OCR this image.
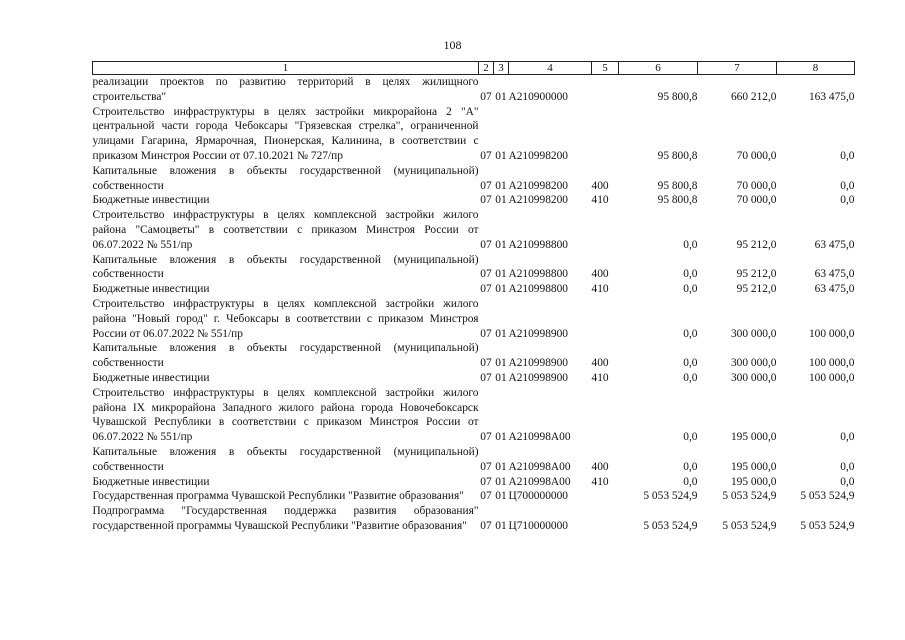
108
1	2	3	4	5	6	7	8
реализации проектов по развитию территорий в целях жилищного строительства"	07	01	А210900000		95 800,8	660 212,0	163 475,0
Строительство инфраструктуры в целях застройки микрорайона 2 "А" центральной части города Чебоксары "Грязевская стрелка", ограниченной улицами Гагарина, Ярмарочная, Пионерская, Калинина, в соответствии с приказом Минстроя России от 07.10.2021 № 727/пр	07	01	А210998200		95 800,8	70 000,0	0,0
Капитальные вложения в объекты государственной (муниципальной) собственности	07	01	А210998200	400	95 800,8	70 000,0	0,0
Бюджетные инвестиции	07	01	А210998200	410	95 800,8	70 000,0	0,0
Строительство инфраструктуры в целях комплексной застройки жилого района "Самоцветы" в соответствии с приказом Минстроя России от 06.07.2022 № 551/пр	07	01	А210998800		0,0	95 212,0	63 475,0
Капитальные вложения в объекты государственной (муниципальной) собственности	07	01	А210998800	400	0,0	95 212,0	63 475,0
Бюджетные инвестиции	07	01	А210998800	410	0,0	95 212,0	63 475,0
Строительство инфраструктуры в целях комплексной застройки жилого района "Новый город" г. Чебоксары в соответствии с приказом Минстроя России от 06.07.2022 № 551/пр	07	01	А210998900		0,0	300 000,0	100 000,0
Капитальные вложения в объекты государственной (муниципальной) собственности	07	01	А210998900	400	0,0	300 000,0	100 000,0
Бюджетные инвестиции	07	01	А210998900	410	0,0	300 000,0	100 000,0
Строительство инфраструктуры в целях комплексной застройки жилого района IX микрорайона Западного жилого района города Новочебоксарск Чувашской Республики в соответствии с приказом Минстроя России от 06.07.2022 № 551/пр	07	01	А210998А00		0,0	195 000,0	0,0
Капитальные вложения в объекты государственной (муниципальной) собственности	07	01	А210998А00	400	0,0	195 000,0	0,0
Бюджетные инвестиции	07	01	А210998А00	410	0,0	195 000,0	0,0
Государственная программа Чувашской Республики "Развитие образования"	07	01	Ц700000000		5 053 524,9	5 053 524,9	5 053 524,9
Подпрограмма "Государственная поддержка развития образования" государственной программы Чувашской Республики "Развитие образования"	07	01	Ц710000000		5 053 524,9	5 053 524,9	5 053 524,9
